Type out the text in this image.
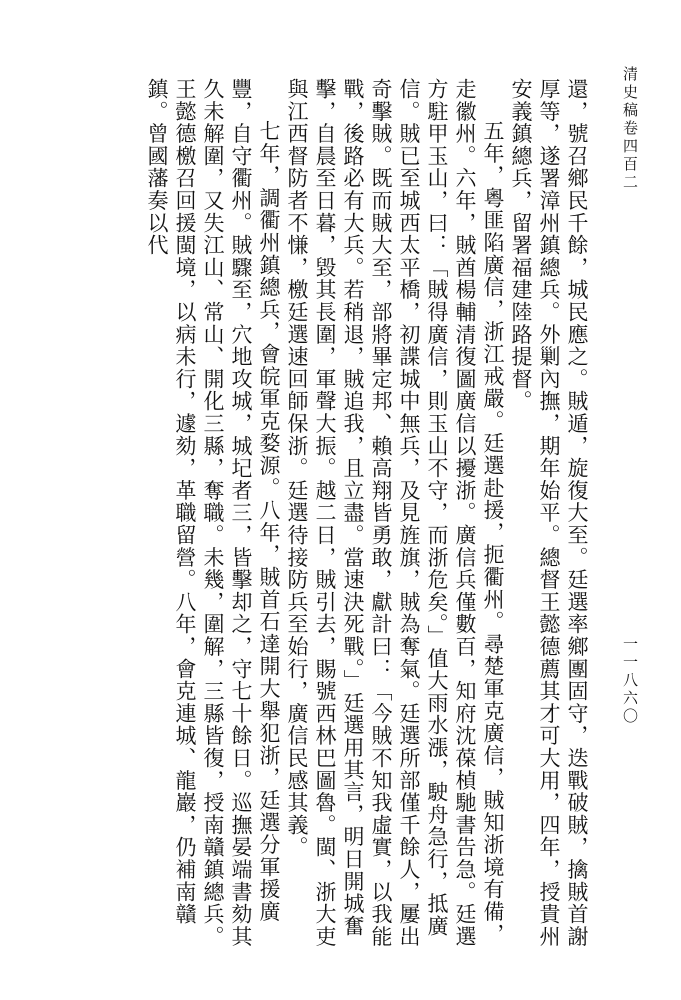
清史稿卷四百二
一一八六〇

還，號召鄉民千餘，城民應之。賊遁，旋復大至。廷選率鄉團固守，迭戰破賊，擒賊首謝厚等，遂署漳州鎮總兵。外剿內撫，期年始平。總督王懿德薦其才可大用，四年，授貴州安義鎮總兵，留署福建陸路提督。

五年，粵匪陷廣信，浙江戒嚴。廷選赴援，扼衢州。尋楚軍克廣信，賊知浙境有備，走徽州。六年，賊酋楊輔清復圖廣信以擾浙。廣信兵僅數百，知府沈葆楨馳書告急。廷選方駐甲玉山，曰：「賊得廣信，則玉山不守，而浙危矣。」值大雨水漲，駛舟急行，抵廣信。賊已至城西太平橋，初諜城中無兵，及見旌旗，賊為奪氣。廷選所部僅千餘人，屢出奇擊賊。既而賊大至，部將畢定邦、賴高翔皆勇敢，獻計曰：「今賊不知我虛實，以我能戰，後路必有大兵。若稍退，賊追我，且立盡。當速決死戰。」廷選用其言，明日開城奮擊，自晨至日暮，毀其長圍，軍聲大振。越二日，賊引去，賜號西林巴圖魯。閩、浙大吏與江西督防者不慊，檄廷選速回師保浙。廷選待接防兵至始行，廣信民感其義。

七年，調衢州鎮總兵，會皖軍克婺源。八年，賊首石達開大舉犯浙，廷選分軍援廣豐，自守衢州。賊驟至，穴地攻城，城圮者三，皆擊却之，守七十餘日。巡撫晏端書劾其久未解圍，又失江山、常山、開化三縣，奪職。未幾，圍解，三縣皆復，授南贛鎮總兵。王懿德檄召回援閩境，以病未行，遽劾，革職留營。八年，會克連城、龍巖，仍補南贛鎮。曾國藩奏以代
